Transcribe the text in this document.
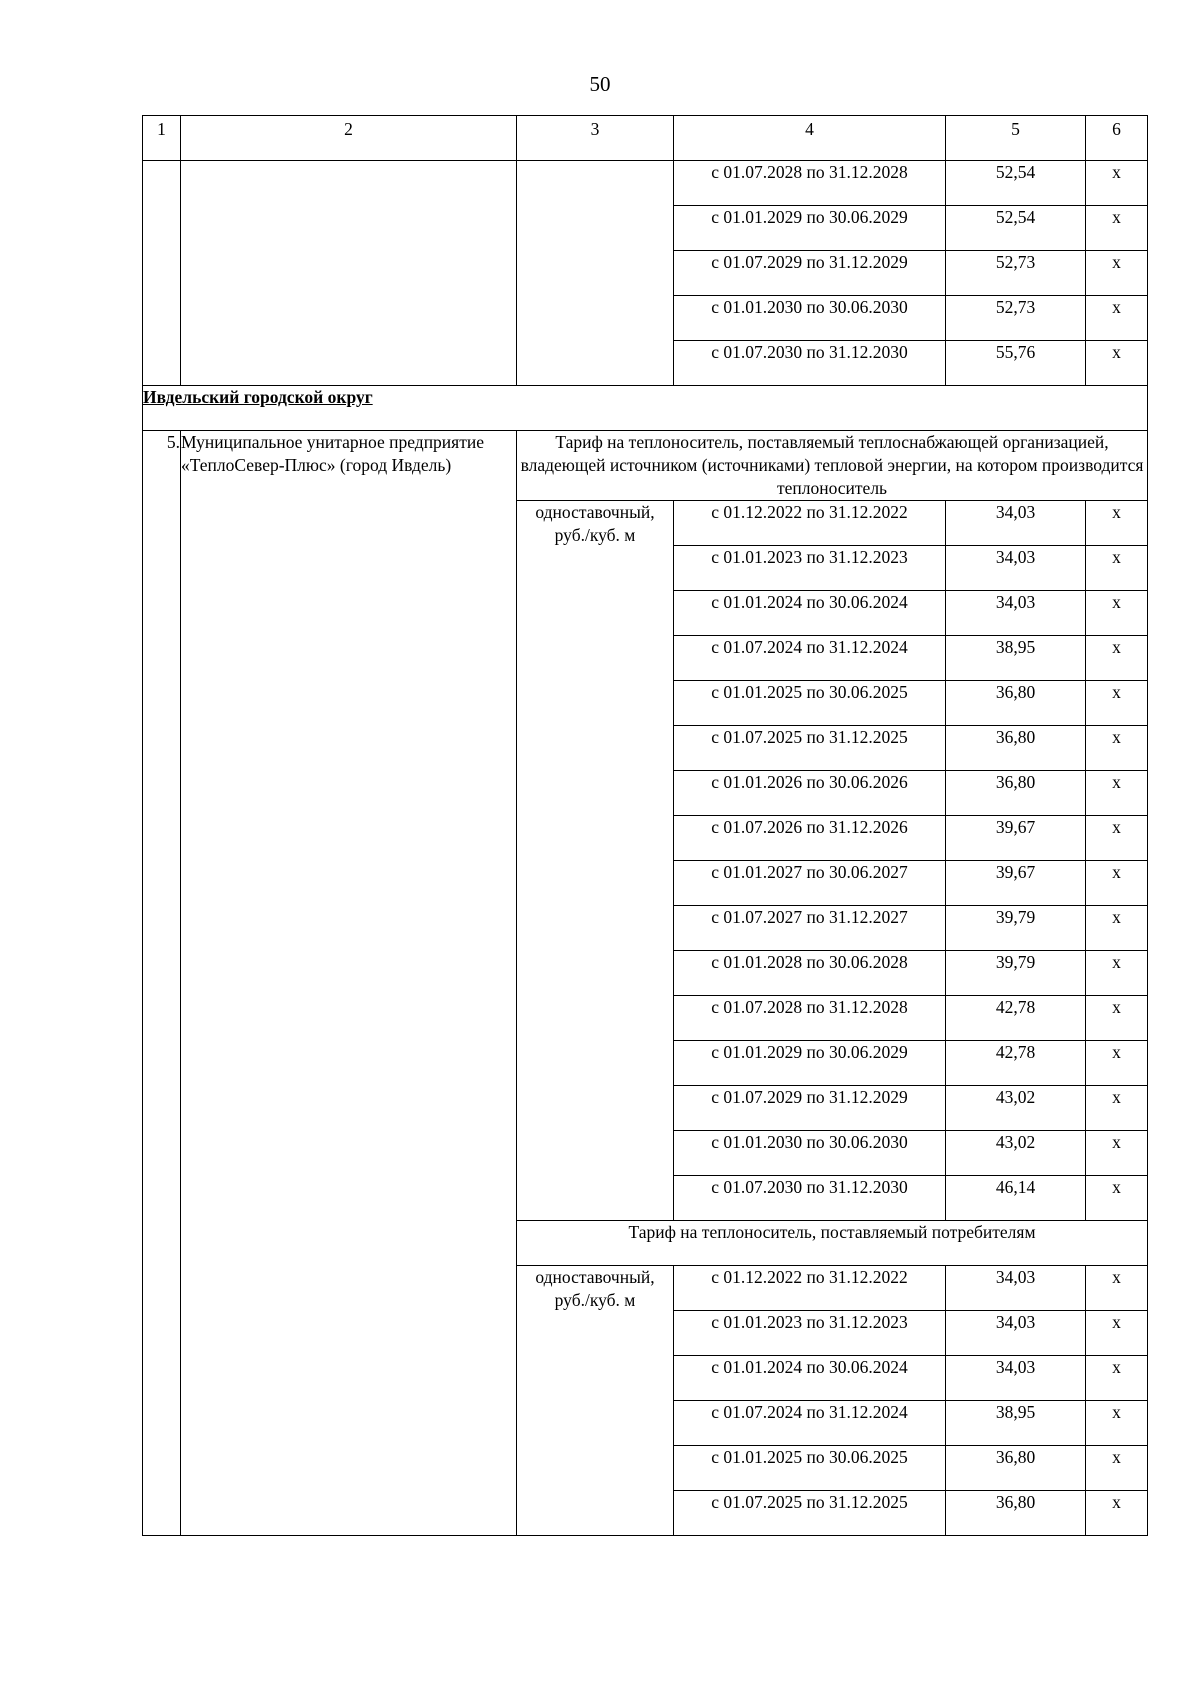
50
1	2	3	4	5	6
			с 01.07.2028 по 31.12.2028	52,54	х
			с 01.01.2029 по 30.06.2029	52,54	х
			с 01.07.2029 по 31.12.2029	52,73	х
			с 01.01.2030 по 30.06.2030	52,73	х
			с 01.07.2030 по 31.12.2030	55,76	х
Ивдельский городской округ					
5.	Муниципальное унитарное предприятие «ТеплоСевер-Плюс» (город Ивдель)	Тариф на теплоноситель, поставляемый теплоснабжающей организацией, владеющей источником (источниками) тепловой энергии, на котором производится теплоноситель			
		одноставочный, руб./куб. м	с 01.12.2022 по 31.12.2022	34,03	х
			с 01.01.2023 по 31.12.2023	34,03	х
			с 01.01.2024 по 30.06.2024	34,03	х
			с 01.07.2024 по 31.12.2024	38,95	х
			с 01.01.2025 по 30.06.2025	36,80	х
			с 01.07.2025 по 31.12.2025	36,80	х
			с 01.01.2026 по 30.06.2026	36,80	х
			с 01.07.2026 по 31.12.2026	39,67	х
			с 01.01.2027 по 30.06.2027	39,67	х
			с 01.07.2027 по 31.12.2027	39,79	х
			с 01.01.2028 по 30.06.2028	39,79	х
			с 01.07.2028 по 31.12.2028	42,78	х
			с 01.01.2029 по 30.06.2029	42,78	х
			с 01.07.2029 по 31.12.2029	43,02	х
			с 01.01.2030 по 30.06.2030	43,02	х
			с 01.07.2030 по 31.12.2030	46,14	х
		Тариф на теплоноситель, поставляемый потребителям			
		одноставочный, руб./куб. м	с 01.12.2022 по 31.12.2022	34,03	х
			с 01.01.2023 по 31.12.2023	34,03	х
			с 01.01.2024 по 30.06.2024	34,03	х
			с 01.07.2024 по 31.12.2024	38,95	х
			с 01.01.2025 по 30.06.2025	36,80	х
			с 01.07.2025 по 31.12.2025	36,80	х
